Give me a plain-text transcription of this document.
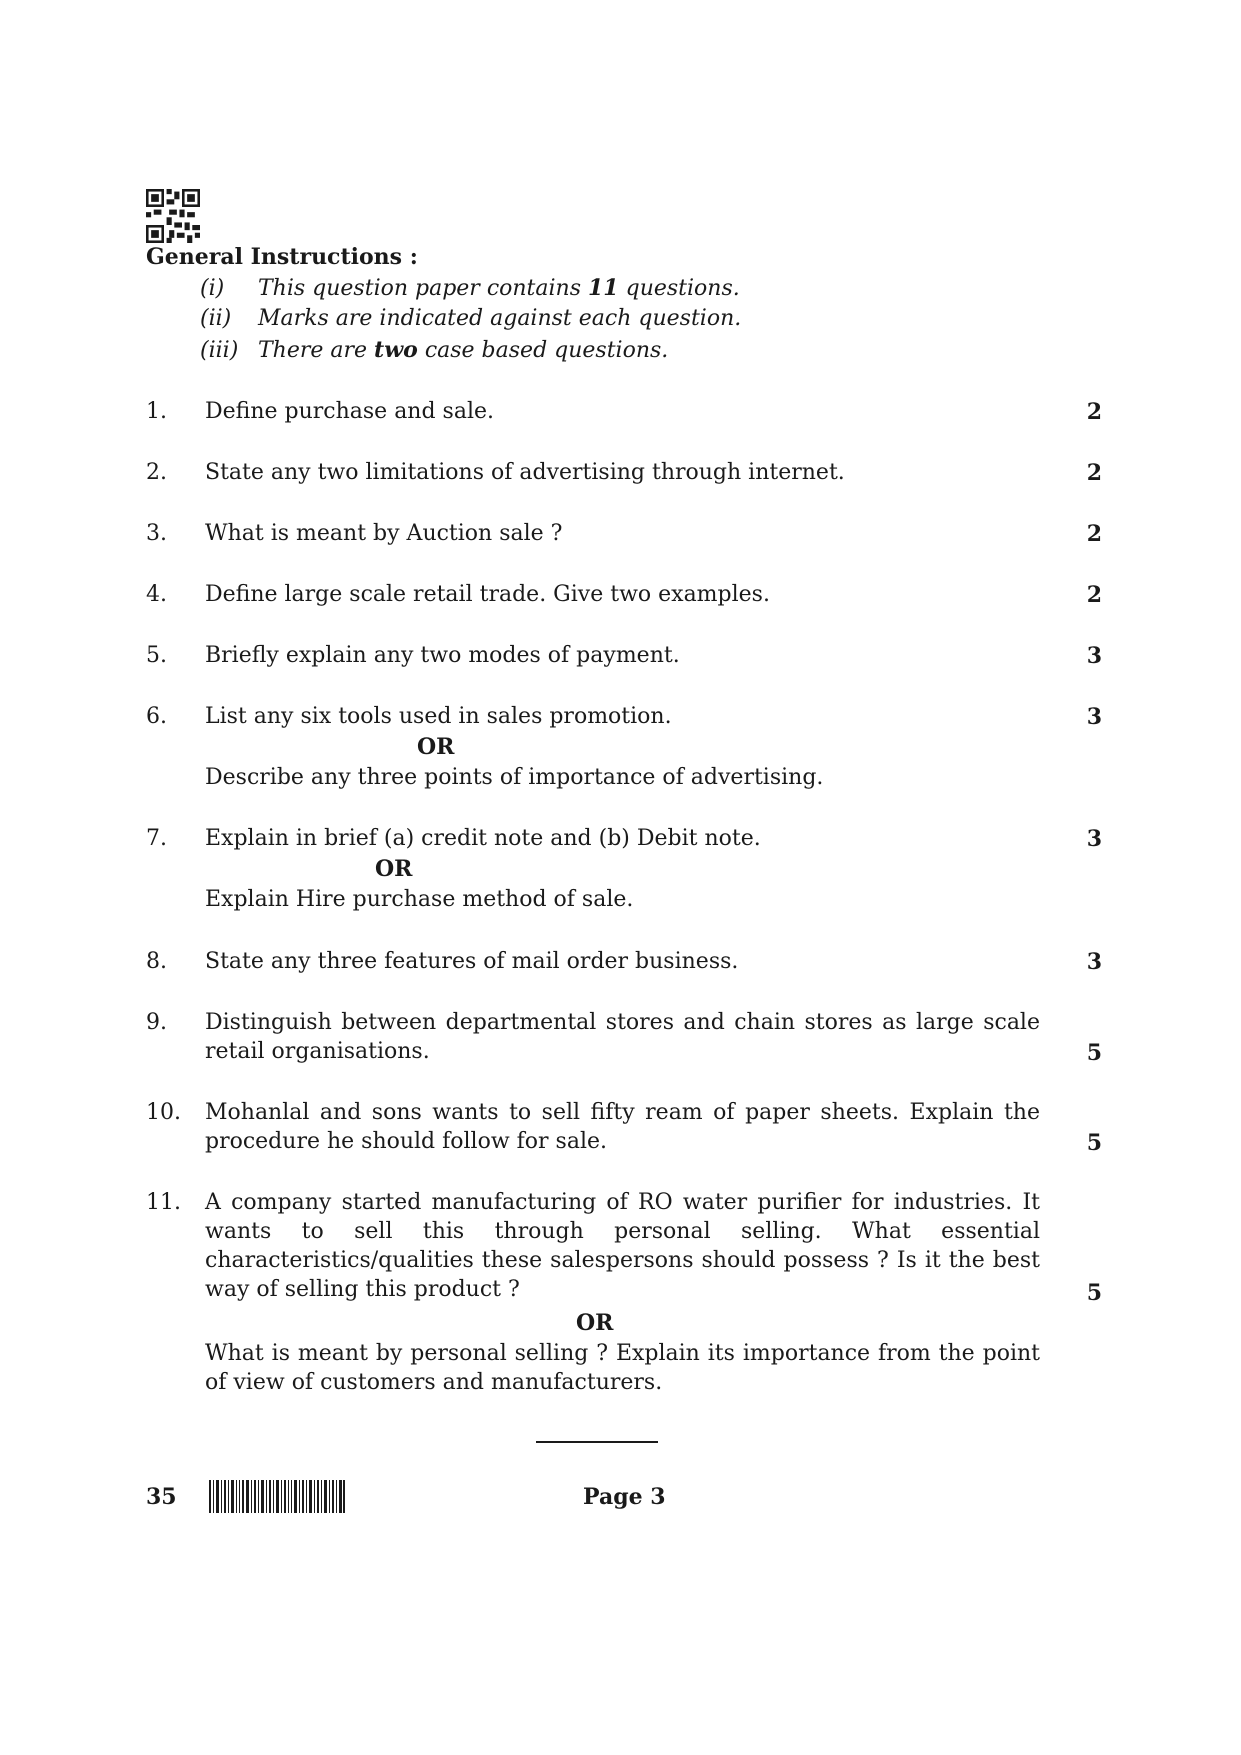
General Instructions :
(i) This question paper contains 11 questions.
(ii) Marks are indicated against each question.
(iii) There are two case based questions.
1. Define purchase and sale.	2
2. State any two limitations of advertising through internet.	2
3. What is meant by Auction sale ?	2
4. Define large scale retail trade. Give two examples.	2
5. Briefly explain any two modes of payment.	3
6. List any six tools used in sales promotion.	3
OR
Describe any three points of importance of advertising.
7. Explain in brief (a) credit note and (b) Debit note.	3
OR
Explain Hire purchase method of sale.
8. State any three features of mail order business.	3
9. Distinguish between departmental stores and chain stores as large scale retail organisations.	5
10. Mohanlal and sons wants to sell fifty ream of paper sheets. Explain the procedure he should follow for sale.	5
11. A company started manufacturing of RO water purifier for industries. It wants to sell this through personal selling. What essential characteristics/qualities these salespersons should possess ? Is it the best way of selling this product ?	5
OR
What is meant by personal selling ? Explain its importance from the point of view of customers and manufacturers.
35	Page 3
